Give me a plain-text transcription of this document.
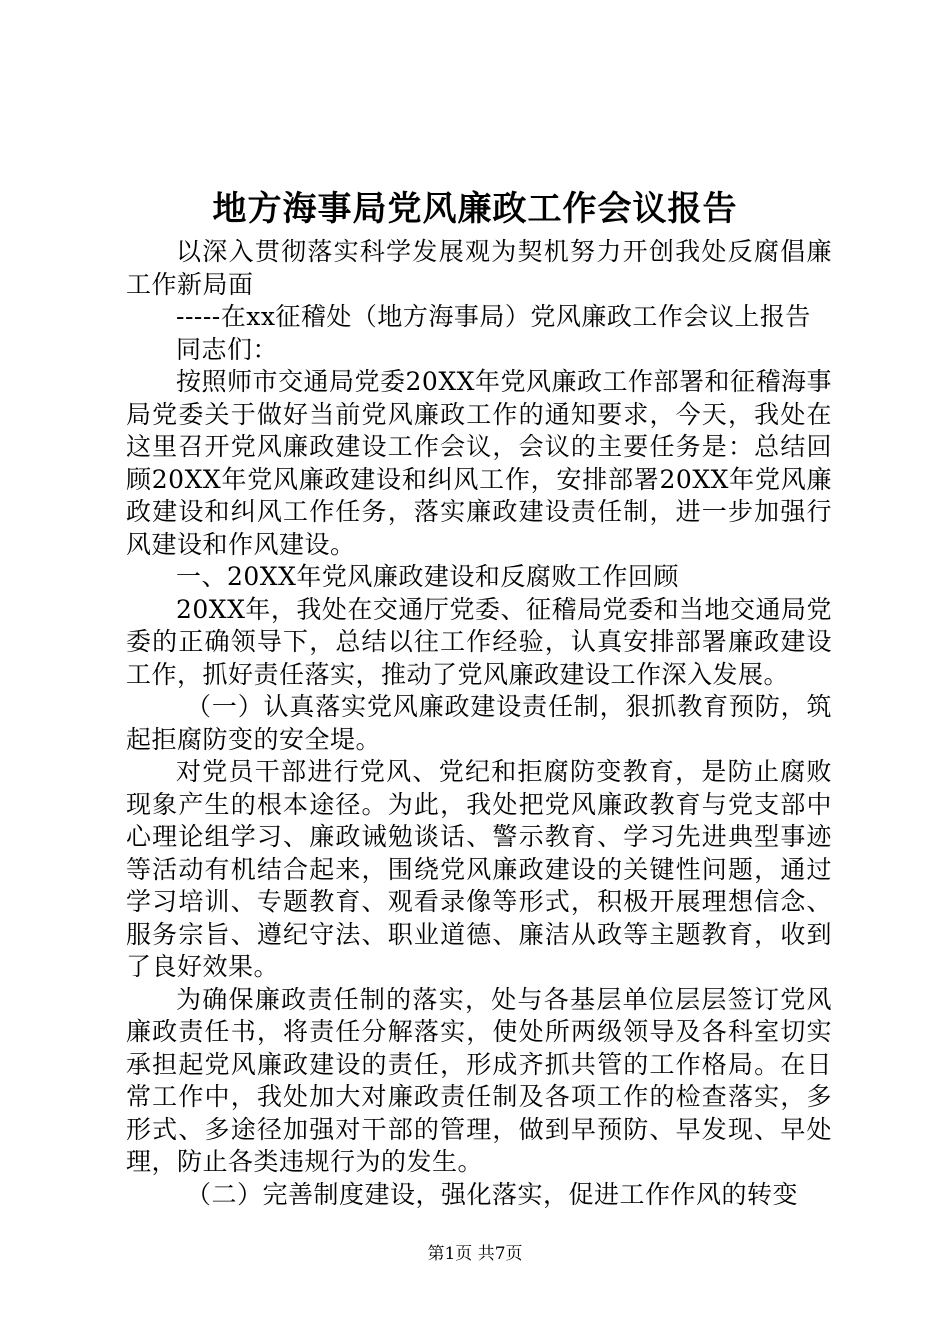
地方海事局党风廉政工作会议报告

以深入贯彻落实科学发展观为契机努力开创我处反腐倡廉工作新局面

-----在xx征稽处（地方海事局）党风廉政工作会议上报告

同志们：

按照师市交通局党委20XX年党风廉政工作部署和征稽海事局党委关于做好当前党风廉政工作的通知要求，今天，我处在这里召开党风廉政建设工作会议，会议的主要任务是：总结回顾20XX年党风廉政建设和纠风工作，安排部署20XX年党风廉政建设和纠风工作任务，落实廉政建设责任制，进一步加强行风建设和作风建设。

一、20XX年党风廉政建设和反腐败工作回顾

20XX年，我处在交通厅党委、征稽局党委和当地交通局党委的正确领导下，总结以往工作经验，认真安排部署廉政建设工作，抓好责任落实，推动了党风廉政建设工作深入发展。

（一）认真落实党风廉政建设责任制，狠抓教育预防，筑起拒腐防变的安全堤。

对党员干部进行党风、党纪和拒腐防变教育，是防止腐败现象产生的根本途径。为此，我处把党风廉政教育与党支部中心理论组学习、廉政诫勉谈话、警示教育、学习先进典型事迹等活动有机结合起来，围绕党风廉政建设的关键性问题，通过学习培训、专题教育、观看录像等形式，积极开展理想信念、服务宗旨、遵纪守法、职业道德、廉洁从政等主题教育，收到了良好效果。

为确保廉政责任制的落实，处与各基层单位层层签订党风廉政责任书，将责任分解落实，使处所两级领导及各科室切实承担起党风廉政建设的责任，形成齐抓共管的工作格局。在日常工作中，我处加大对廉政责任制及各项工作的检查落实，多形式、多途径加强对干部的管理，做到早预防、早发现、早处理，防止各类违规行为的发生。

（二）完善制度建设，强化落实，促进工作作风的转变

第1页 共7页
